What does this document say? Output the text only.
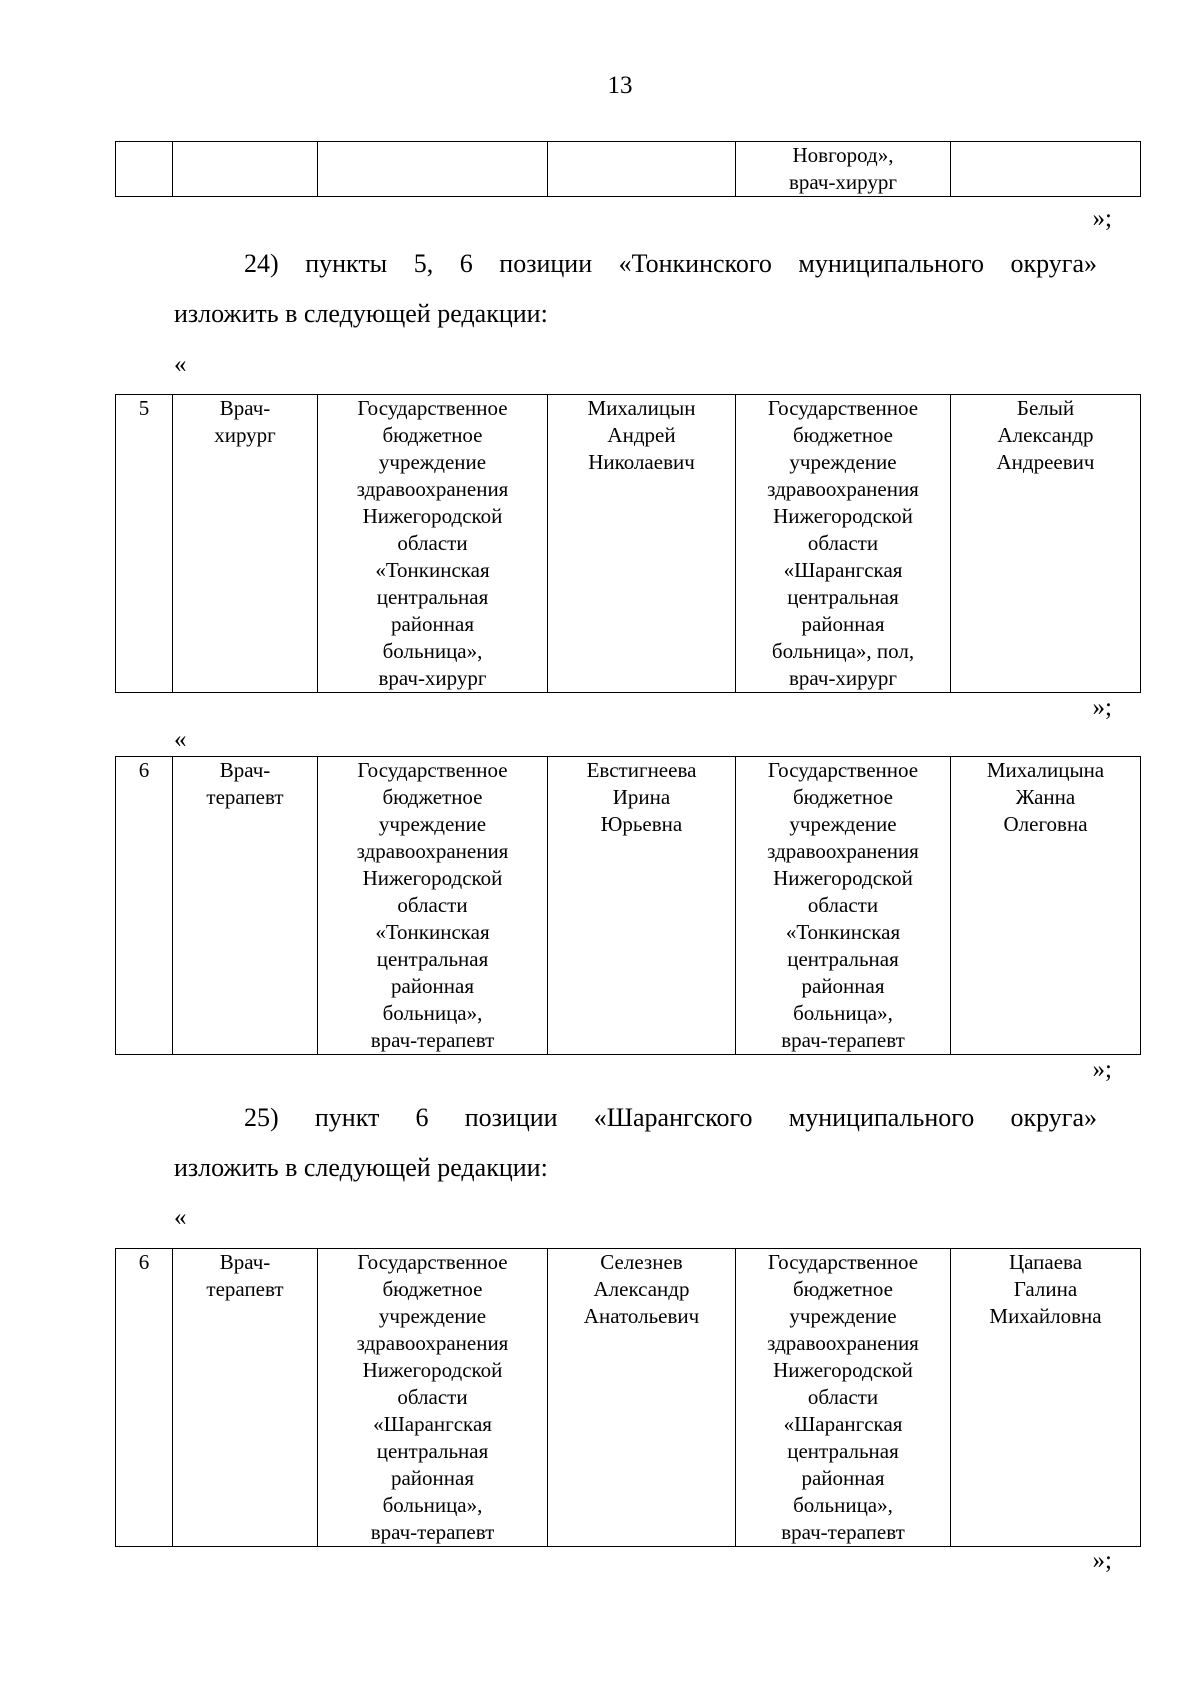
13
				Новгород»,
врач-хирург	
»;
24) пункты 5, 6 позиции «Тонкинского муниципального округа»
изложить в следующей редакции:
«
5	Врач-
хирург	Государственное
бюджетное
учреждение
здравоохранения
Нижегородской
области
«Тонкинская
центральная
районная
больница»,
врач-хирург	Михалицын
Андрей
Николаевич	Государственное
бюджетное
учреждение
здравоохранения
Нижегородской
области
«Шарангская
центральная
районная
больница», пол,
врач-хирург	Белый
Александр
Андреевич
»;
«
6	Врач-
терапевт	Государственное
бюджетное
учреждение
здравоохранения
Нижегородской
области
«Тонкинская
центральная
районная
больница»,
врач-терапевт	Евстигнеева
Ирина
Юрьевна	Государственное
бюджетное
учреждение
здравоохранения
Нижегородской
области
«Тонкинская
центральная
районная
больница»,
врач-терапевт	Михалицына
Жанна
Олеговна
»;
25) пункт 6 позиции «Шарангского муниципального округа»
изложить в следующей редакции:
«
6	Врач-
терапевт	Государственное
бюджетное
учреждение
здравоохранения
Нижегородской
области
«Шарангская
центральная
районная
больница»,
врач-терапевт	Селезнев
Александр
Анатольевич	Государственное
бюджетное
учреждение
здравоохранения
Нижегородской
области
«Шарангская
центральная
районная
больница»,
врач-терапевт	Цапаева
Галина
Михайловна
»;
